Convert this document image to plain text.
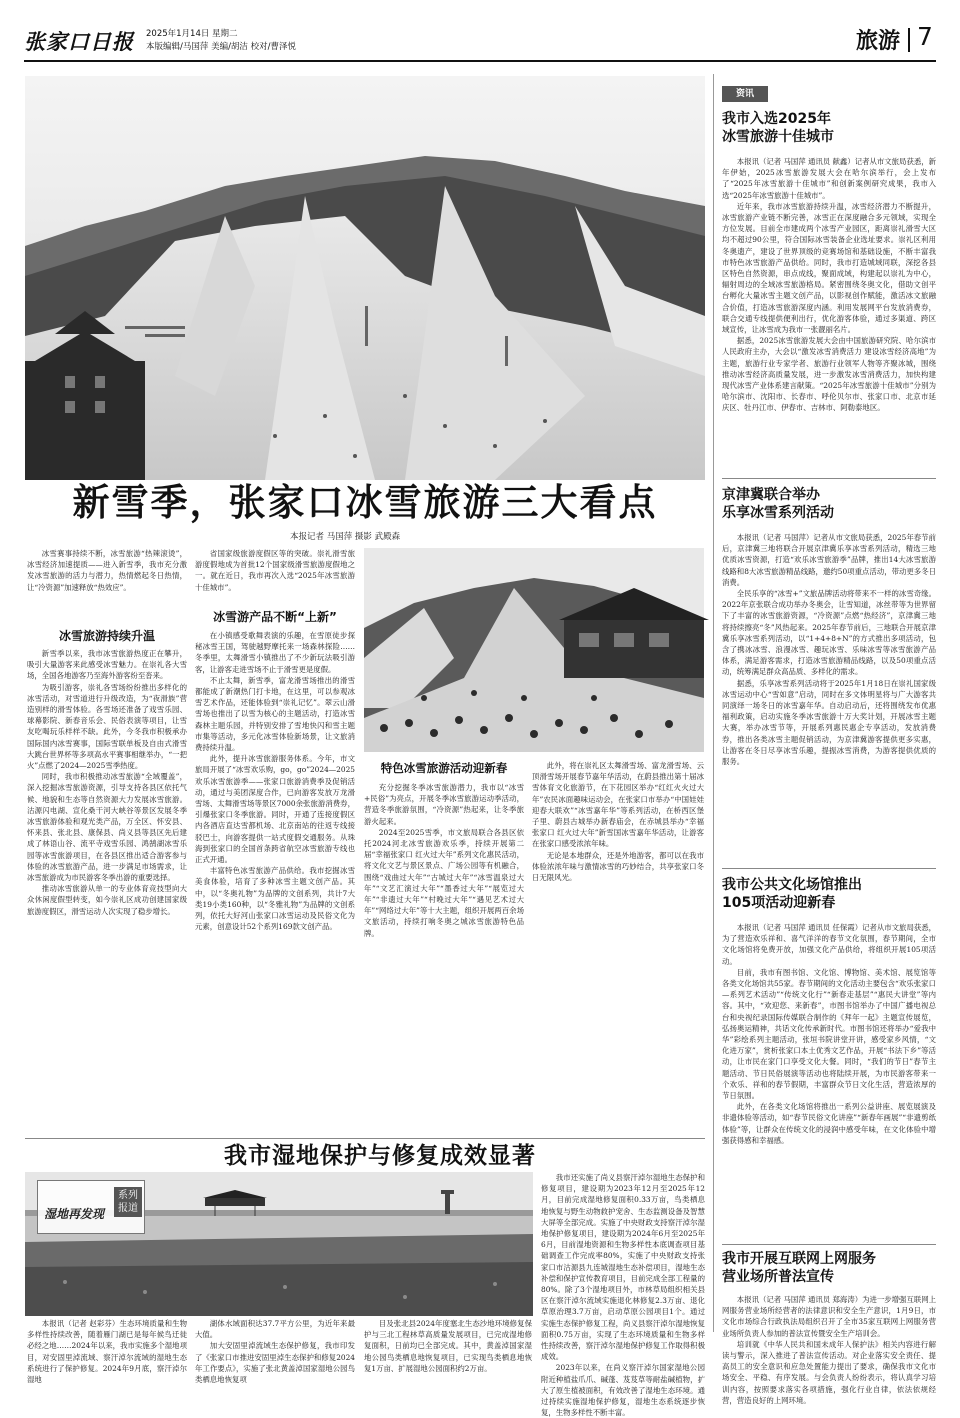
张家口日报 2025年1月14日 星期二
本版编辑/马国萍 美编/胡洁 校对/曹泽悦	旅游 7
新雪季，张家口冰雪旅游三大看点
本报记者 马国萍 摄影 武殿森

冰雪赛事持续不断，冰雪旅游“热辣滚烫”，冰雪经济加速提质——进入新雪季，我市充分激发冰雪旅游的活力与潜力，热情燃起冬日热情，让“冷资源”加速释放“热效应”。

冰雪旅游持续升温

新雪季以来，我市冰雪旅游热度正在攀升，吸引大量游客来此感受冰雪魅力。在崇礼各大雪场，全国各地游客乃至海外游客纷至沓来。

为吸引游客，崇礼各雪场纷纷推出多样化的冰雪活动，对雪道进行升级改造，为“夜滑族”营造别样的滑雪体验。各雪场还准备了戏雪乐园、球幕影院、新春音乐会、民俗表演等项目，让雪友吃喝玩乐样样不缺。此外，今冬我市积极承办国际国内冰雪赛事，国际雪联单板及自由式滑雪大跳台世界杯等多项高水平赛事相继举办，“一把火”点燃了2024—2025雪季热度。

同时，我市积极推动冰雪旅游“全域覆盖”，深入挖掘冰雪旅游资源，引导支持各县区依托气候、地貌和生态等自然资源大力发展冰雪旅游。沽源闪电湖、宣化桑干河大峡谷等景区发展冬季冰雪旅游体验和观光类产品，万全区、怀安县、怀来县、张北县、康保县、尚义县等县区先后建成了林语山谷、流平寺戏雪乐园、鸿鹄湖冰雪乐园等冰雪旅游项目，在各县区推出适合游客参与体验的冰雪旅游产品，进一步满足市场需求，让冰雪旅游成为市民游客冬季出游的重要选择。

推动冰雪旅游从单一的专业体育竞技型向大众休闲度假型转变，如今崇礼区成功创建国家级旅游度假区，滑雪运动人次实现了稳步增长。

省国家级旅游度假区等的突破。崇礼滑雪旅游度假地成为首批12个国家级滑雪旅游度假地之一。就在近日，我市再次入选“2025年冰雪旅游十佳城市”。

冰雪游产品不断“上新”

在小镇感受歌舞表演的乐趣，在雪原徒步探秘冰雪王国，驾驶越野摩托来一场森林探险……冬季里，太舞滑雪小镇推出了不少新玩法吸引游客，让游客走进雪场不止于滑雪更是度假。

不止太舞，新雪季，富龙滑雪场推出的滑雪都能成了新潮热门打卡地，在这里，可以参观冰雪艺术作品，还能体验到“崇礼记忆”。翠云山滑雪场也推出了以雪为核心的主题活动，打造冰雪森林主题乐园，并特别安排了雪地快闪和雪主题市集等活动，多元化冰雪体验新场景，让文旅消费持续升温。

此外，提升冰雪旅游服务体系。今年，市文旅局开展了“冰雪欢乐购，go，go”2024—2025欢乐冰雪旅游季——张家口旅游消费季及促销活动，通过与美团深度合作，已向游客发放万龙滑雪场、太舞滑雪场等景区7000余张旅游消费券，引爆张家口冬季旅游。同时，开通了连接度假区内各酒店直达雪都机场、北京南站的往返专线接驳巴士，向游客提供一站式度假交通服务。从珠海到张家口的全国首条跨省航空冰雪旅游专线也正式开通。

丰富特色冰雪旅游产品供给。我市挖掘冰雪美食体验，培育了多种冰雪主题文创产品。其中，以“冬奥礼物”为品牌的文创系列，共计7大类19小类160种，以“冬雅礼物”为品牌的文创系列，依托大好河山张家口冰雪运动及民俗文化为元素，创意设计52个系列169款文创产品。

特色冰雪旅游活动迎新春

充分挖掘冬季冰雪旅游潜力，我市以“冰雪+民俗”为亮点，开展冬季冰雪旅游运动季活动，营造冬季旅游氛围，“冷资源”热起来，让冬季旅游火起来。

2024至2025雪季，市文旅局联合各县区依托2024河北冰雪旅游欢乐季，持续开展第二届“幸福张家口 红火过大年”系列文化惠民活动，将文化文艺与景区景点、广场公园等有机融合，围绕“戏曲过大年”“古城过大年”“冰雪温泉过大年”“文艺汇演过大年”“墨香过大年”“展览过大年”“非遗过大年”“村晚过大年”“遇见艺术过大年”“网络过大年”等十大主题，组织开展两百余场文旅活动，持续打响冬奥之城冰雪旅游特色品牌。

此外，将在崇礼区太舞滑雪场、富龙滑雪场、云顶滑雪场开展春节嘉年华活动，在蔚县推出第十届冰雪体育文化旅游节，在下花园区举办“红红火火过大年”农民冰面趣味运动会，在张家口市举办“中国娃娃迎春大联欢”“冰雪嘉年华”等系列活动，在桥西区堡子里、蔚县古城举办新春庙会，在赤城县举办“幸福张家口 红火过大年”新雪国冰雪嘉年华活动，让游客在张家口感受浓浓年味。

无论是本地群众，还是外地游客，都可以在我市体验浓浓年味与激情冰雪的巧妙结合，共享张家口冬日无限风光。

资讯
我市入选2025年
冰雪旅游十佳城市

本报讯（记者 马国萍 通讯员 献鑫）记者从市文旅局获悉，新年伊始，2025冰雪旅游发展大会在哈尔滨举行，会上发布了“2025年冰雪旅游十佳城市”和创新案例研究成果，我市入选“2025年冰雪旅游十佳城市”。

近年来，我市冰雪旅游持续升温，冰雪经济潜力不断提升，冰雪旅游产业链不断完善，冰雪正在深度融合多元领域，实现全方位发展。目前全市建成两个冰雪产业园区，距离崇礼滑雪大区均不超过90公里，符合国际冰雪装备企业选址要求。崇礼区利用冬奥遗产，建设了世界顶级的竞赛场馆和基础设施，不断丰富我市特色冰雪旅游产品供给。同时，我市打造城域同联，深挖各县区特色自然资源，串点成线，聚面成域，构建起以崇礼为中心，辐射周边的全域冰雪旅游格局。紧密围绕冬奥文化，借助文创平台孵化大量冰雪主题文创产品，以影视创作赋能，激活冰文旅融合价值，打造冰雪旅游深度内涵。利用发展网平台发放消费券，联合交通专线提供便利出行，优化游客体验，通过多渠道、跨区域宣传，让冰雪成为我市一张靓丽名片。

据悉，2025冰雪旅游发展大会由中国旅游研究院、哈尔滨市人民政府主办，大会以“激发冰雪消费活力 建设冰雪经济高地”为主题，旅游行业专家学者、旅游行业领军人物等齐聚冰城，围绕推动冰雪经济高质量发展，进一步激发冰雪消费活力，加快构建现代冰雪产业体系建言献策。“2025年冰雪旅游十佳城市”分别为哈尔滨市、沈阳市、长春市、呼伦贝尔市、张家口市、北京市延庆区、牡丹江市、伊春市、吉林市、阿勒泰地区。

京津冀联合举办
乐享冰雪系列活动

本报讯（记者 马国萍）记者从市文旅局获悉，2025年春节前后，京津冀三地将联合开展京津冀乐享冰雪系列活动，精选三地优质冰雪资源，打造“欢乐冰雪旅游季”品牌，推出14大冰雪旅游线路和8大冰雪旅游精品线路，邀约50项重点活动，带动更多冬日消费。

全民乐享的“冰雪+”文旅品牌活动将带来不一样的冰雪奇缘。2022年京张联合成功举办冬奥会，让雪知道，冰丝带等为世界留下了丰富的冰雪旅游资源，“冷资源”点燃“热经济”，京津冀三地将持续擦亮“冬”风热起来。2025年春节前后，三地联合开展京津冀乐享冰雪系列活动，以“1+4+8+N”的方式推出多项活动，包含了携冰冰雪、浪漫冰雪、趣玩冰雪、乐味冰雪等冰雪旅游产品体系，满足游客需求，打造冰雪旅游精品线路，以及50项重点活动，统筹满足群众高品质、多样化的需求。

据悉，乐享冰雪系列活动将于2025年1月18日在崇礼国家级冰雪运动中心“雪如意”启动，同时在多文体明星将与广大游客共同演绎一场冬日的冰雪嘉年华。自动启动后，还将围绕发布优惠福利政策，启动实施冬季冰雪旅游十万大奖计划，开展冰雪主题大赛，举办冰雪节等，开展系列惠民惠企专享活动，发放消费券，推出各类冰雪主题促销活动，为京津冀游客提供更多实惠，让游客在冬日尽享冰雪乐趣，提振冰雪消费，为游客提供优质的服务。

我市公共文化场馆推出
105项活动迎新春

本报讯（记者 马国萍 通讯员 任保霞）记者从市文旅局获悉，为了营造欢乐祥和、喜气洋洋的春节文化氛围，春节期间，全市文化场馆将免费开放，加强文化产品供给，将组织开展105项活动。

目前，我市有图书馆、文化馆、博物馆、美术馆、展览馆等各类文化场馆共55家。春节期间的文化活动主要包含“欢乐张家口—系列艺术活动”“传统文化行”“新春走基层”“惠民大讲堂”等内容。其中，“欢迎您、来新春”，市图书馆举办了中国广播电视总台和央视纪录国际传媒联合制作的《拜年一起》主题宣传展览，弘扬奥运精神，共话文化传承新时代。市图书馆还将举办“爱我中华”彩绘系列主题活动，张垣书院讲堂开讲，感受家乡风情，“文化进万家”，赏析张家口本土优秀文艺作品，开展“书法下乡”等活动，让市民在家门口享受文化大餐。同时，“我们的节日”春节主题活动、节日民俗展演等活动也将陆续开展，为市民游客带来一个欢乐、祥和的春节假期，丰富群众节日文化生活，营造浓厚的节日氛围。

此外，在各类文化场馆将推出一系列公益讲座、展览展演及非遗体验等活动，如“春节民俗文化讲座”“新春年画展”“非遗剪纸体验”等，让群众在传统文化的浸润中感受年味，在文化体验中增强获得感和幸福感。

我市开展互联网上网服务
营业场所普法宣传

本报讯（记者 马国萍 通讯员 郑海涛）为进一步增强互联网上网服务营业场所经营者的法律意识和安全生产意识，1月9日，市文化市场综合行政执法局组织召开了全市35家互联网上网服务营业场所负责人参加的普法宣传暨安全生产培训会。

培训就《中华人民共和国未成年人保护法》相关内容进行解读与警示，深入推进了普法宣传活动。对企业落实安全责任、提高员工的安全意识和应急处置能力提出了要求，确保我市文化市场安全、平稳、有序发展。与会负责人纷纷表示，将认真学习培训内容，按照要求落实各项措施，强化行业自律，依法依规经营，营造良好的上网环境。

我市湿地保护与修复成效显著
湿地再发现
系列
报道

我市还实施了尚义县察汗淖尔湿地生态保护和修复项目，建设期为2023年12月至2025年12月，目前完成湿地修复面积0.33万亩，鸟类栖息地恢复与野生动物救护宠舍、生态监测设备及智慧大屏等全部完成。实施了中央财政支持察汗淖尔湿地保护修复项目，建设期为2024年6月至2025年6月，目前湿地资源和生物多样性本底调查项目基础调查工作完成率80%，实施了中央财政支持张家口市沽源县九连城湿地生态补偿项目，湿地生态补偿和保护宣传教育项目，目前完成全部工程量的80%。除了3个湿地项目外，市林草局组织相关县区在察汗淖尔流域实施退化林修复2.3万亩、退化草原治理3.7万亩，启动草原公园项目1个。通过实施生态保护修复工程，尚义县察汗淖尔湿地恢复面积0.75万亩，实现了生态环境质量和生物多样性持续改善，察汗淖尔湿地保护修复工作取得积极成效。

2023年以来，在尚义察汗淖尔国家湿地公园附近种植盐爪爪、碱蓬、芨芨草等耐盐碱植物，扩大了原生植被面积，有效改善了湿地生态环境。通过持续实施湿地保护修复，湿地生态系统逐步恢复，生物多样性不断丰富。

本报讯（记者 赵彩芬）生态环境质量和生物多样性持续改善，随着雁门湖已是每年候鸟迁徙必经之地……2024年以来，我市实施多个湿地项目，对安固里淖流域、察汗淖尔流域的湿地生态系统进行了保护修复。2024年9月底，察汗淖尔湿地

湖体水域面积达37.7平方公里，为近年来最大值。

加大安固里淖流域生态保护修复，我市印发了《张家口市推进安固里淖生态保护和修复2024年工作要点》，实施了张北黄盖淖国家湿地公园鸟类栖息地恢复项

目及张北县2024年度塞北生态沙地环境修复保护与三北工程林草高质量发展项目，已完成湿地修复面积，日前均已全部完成。其中，黄盖淖国家湿地公园鸟类栖息地恢复项目，已实现鸟类栖息地恢复1万亩、扩展湿地公园面积约2万亩。
